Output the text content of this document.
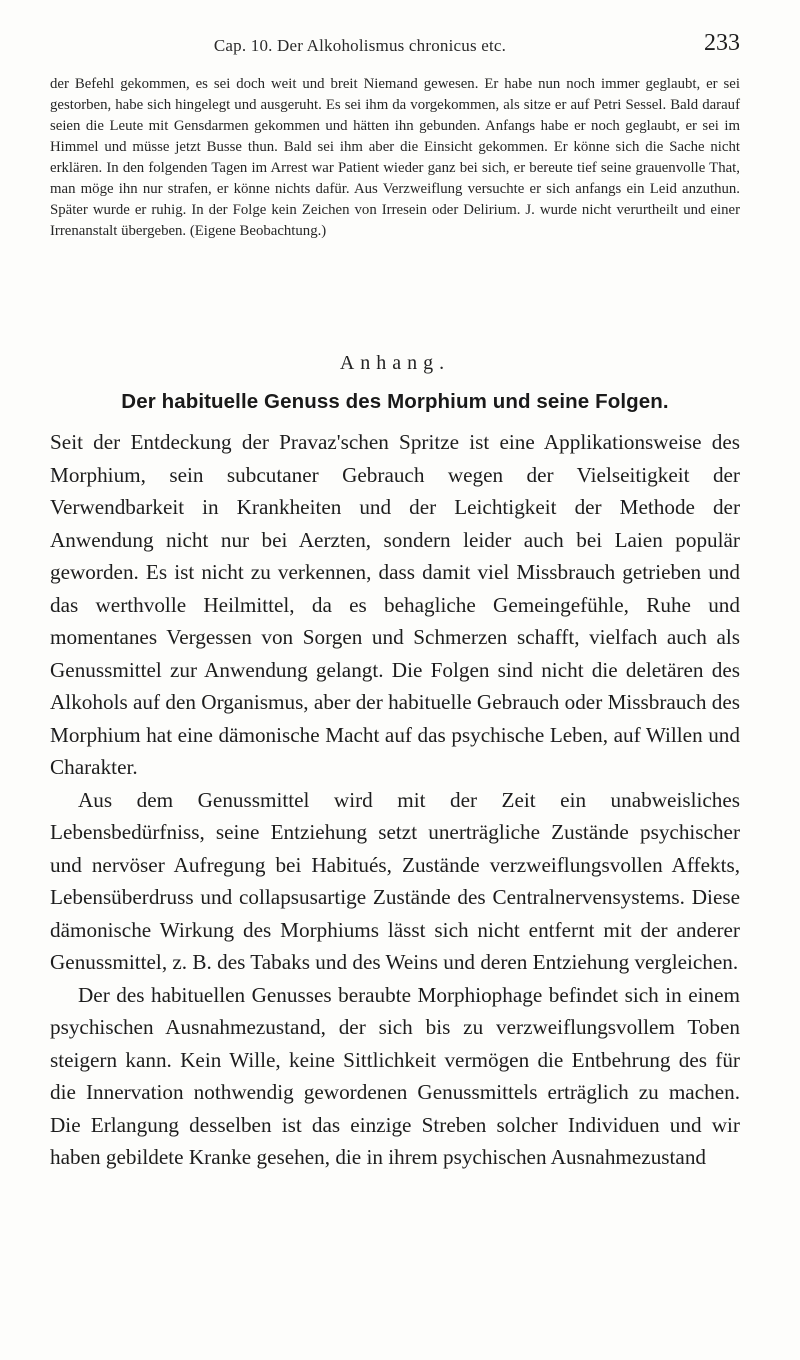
Cap. 10. Der Alkoholismus chronicus etc.	233

der Befehl gekommen, es sei doch weit und breit Niemand gewesen. Er habe nun noch immer geglaubt, er sei gestorben, habe sich hingelegt und ausgeruht. Es sei ihm da vorgekommen, als sitze er auf Petri Sessel. Bald darauf seien die Leute mit Gensdarmen gekommen und hätten ihn gebunden. Anfangs habe er noch geglaubt, er sei im Himmel und müsse jetzt Busse thun. Bald sei ihm aber die Einsicht gekommen. Er könne sich die Sache nicht erklären. In den folgenden Tagen im Arrest war Patient wieder ganz bei sich, er bereute tief seine grauenvolle That, man möge ihn nur strafen, er könne nichts dafür. Aus Verzweiflung versuchte er sich anfangs ein Leid anzuthun. Später wurde er ruhig. In der Folge kein Zeichen von Irresein oder Delirium. J. wurde nicht verurtheilt und einer Irrenanstalt übergeben. (Eigene Beobachtung.)

Anhang.
Der habituelle Genuss des Morphium und seine Folgen.

Seit der Entdeckung der Pravaz'schen Spritze ist eine Applikationsweise des Morphium, sein subcutaner Gebrauch wegen der Vielseitigkeit der Verwendbarkeit in Krankheiten und der Leichtigkeit der Methode der Anwendung nicht nur bei Aerzten, sondern leider auch bei Laien populär geworden. Es ist nicht zu verkennen, dass damit viel Missbrauch getrieben und das werthvolle Heilmittel, da es behagliche Gemeingefühle, Ruhe und momentanes Vergessen von Sorgen und Schmerzen schafft, vielfach auch als Genussmittel zur Anwendung gelangt. Die Folgen sind nicht die deletären des Alkohols auf den Organismus, aber der habituelle Gebrauch oder Missbrauch des Morphium hat eine dämonische Macht auf das psychische Leben, auf Willen und Charakter.

Aus dem Genussmittel wird mit der Zeit ein unabweisliches Lebensbedürfniss, seine Entziehung setzt unerträgliche Zustände psychischer und nervöser Aufregung bei Habitués, Zustände verzweiflungsvollen Affekts, Lebensüberdruss und collapsusartige Zustände des Centralnervensystems. Diese dämonische Wirkung des Morphiums lässt sich nicht entfernt mit der anderer Genussmittel, z. B. des Tabaks und des Weins und deren Entziehung vergleichen.

Der des habituellen Genusses beraubte Morphiophage befindet sich in einem psychischen Ausnahmezustand, der sich bis zu verzweiflungsvollem Toben steigern kann. Kein Wille, keine Sittlichkeit vermögen die Entbehrung des für die Innervation nothwendig gewordenen Genussmittels erträglich zu machen. Die Erlangung desselben ist das einzige Streben solcher Individuen und wir haben gebildete Kranke gesehen, die in ihrem psychischen Ausnahmezustand
